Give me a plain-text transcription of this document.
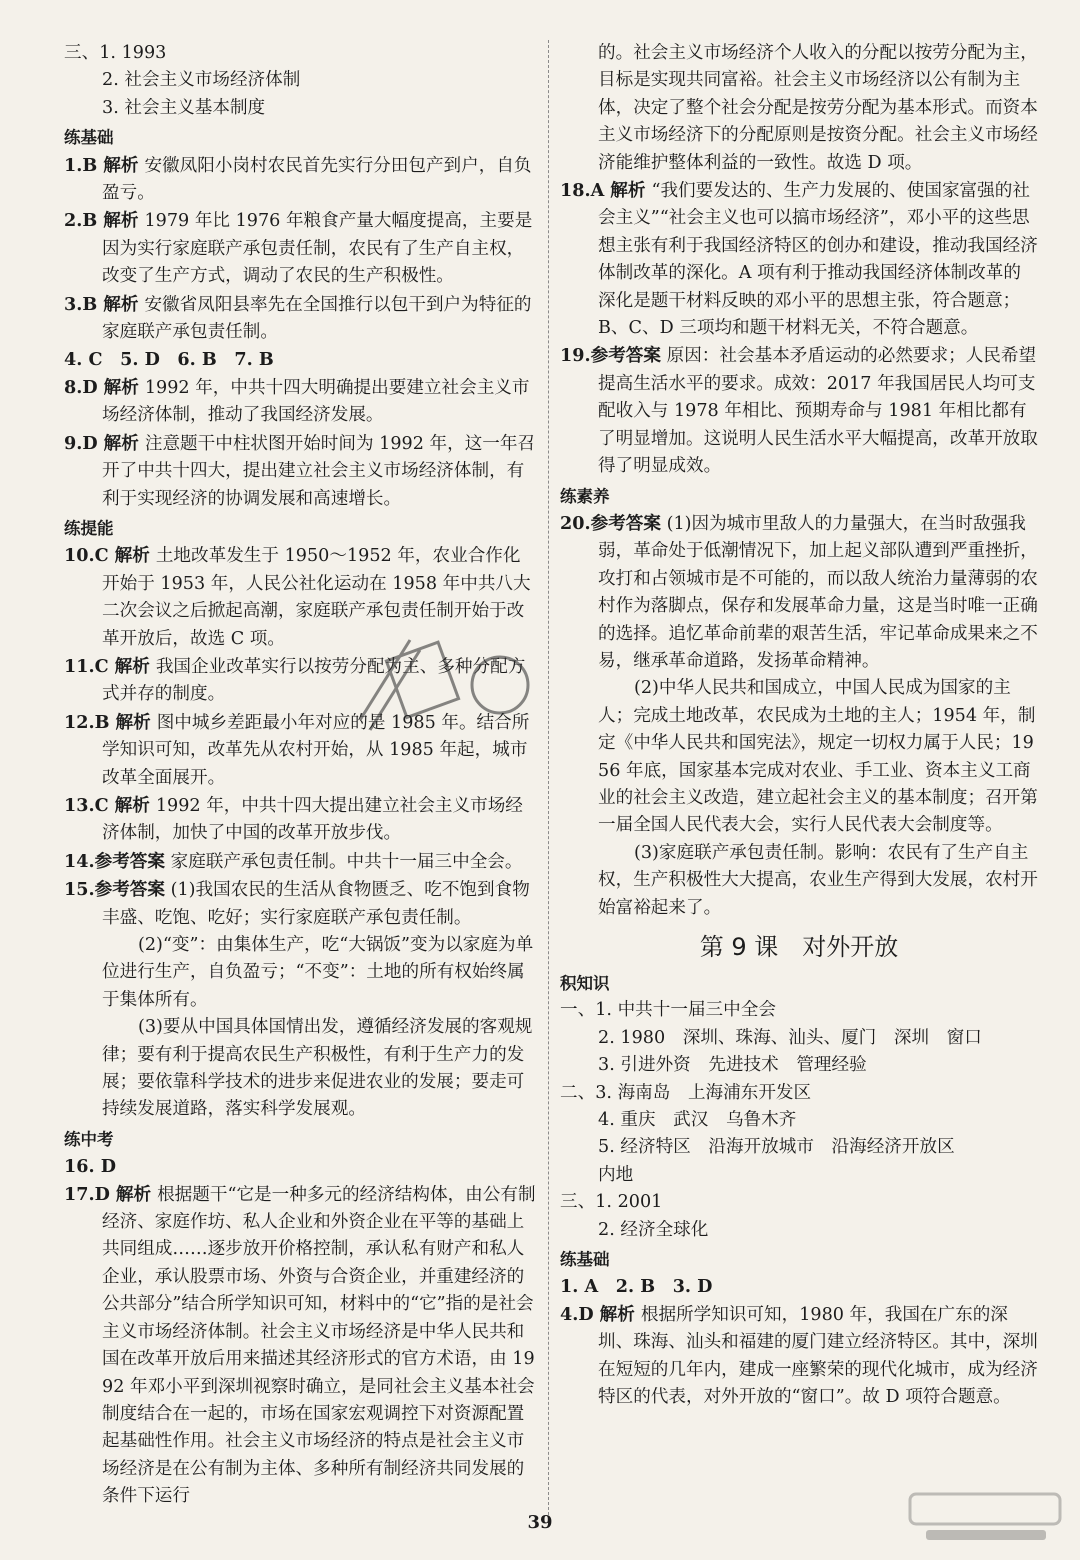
三、1. 1993

2. 社会主义市场经济体制

3. 社会主义基本制度

练基础

1.B 解析 安徽凤阳小岗村农民首先实行分田包产到户，自负盈亏。

2.B 解析 1979 年比 1976 年粮食产量大幅度提高，主要是因为实行家庭联产承包责任制，农民有了生产自主权，改变了生产方式，调动了农民的生产积极性。

3.B 解析 安徽省凤阳县率先在全国推行以包干到户为特征的家庭联产承包责任制。

4. C　5. D　6. B　7. B

8.D 解析 1992 年，中共十四大明确提出要建立社会主义市场经济体制，推动了我国经济发展。

9.D 解析 注意题干中柱状图开始时间为 1992 年，这一年召开了中共十四大，提出建立社会主义市场经济体制，有利于实现经济的协调发展和高速增长。

练提能

10.C 解析 土地改革发生于 1950～1952 年，农业合作化开始于 1953 年，人民公社化运动在 1958 年中共八大二次会议之后掀起高潮，家庭联产承包责任制开始于改革开放后，故选 C 项。

11.C 解析 我国企业改革实行以按劳分配为主、多种分配方式并存的制度。

12.B 解析 图中城乡差距最小年对应的是 1985 年。结合所学知识可知，改革先从农村开始，从 1985 年起，城市改革全面展开。

13.C 解析 1992 年，中共十四大提出建立社会主义市场经济体制，加快了中国的改革开放步伐。

14.参考答案 家庭联产承包责任制。中共十一届三中全会。

15.参考答案 (1)我国农民的生活从食物匮乏、吃不饱到食物丰盛、吃饱、吃好；实行家庭联产承包责任制。

(2)“变”：由集体生产，吃“大锅饭”变为以家庭为单位进行生产，自负盈亏；“不变”：土地的所有权始终属于集体所有。

(3)要从中国具体国情出发，遵循经济发展的客观规律；要有利于提高农民生产积极性，有利于生产力的发展；要依靠科学技术的进步来促进农业的发展；要走可持续发展道路，落实科学发展观。

练中考

16. D

17.D 解析 根据题干“它是一种多元的经济结构体，由公有制经济、家庭作坊、私人企业和外资企业在平等的基础上共同组成……逐步放开价格控制，承认私有财产和私人企业，承认股票市场、外资与合资企业，并重建经济的公共部分”结合所学知识可知，材料中的“它”指的是社会主义市场经济体制。社会主义市场经济是中华人民共和国在改革开放后用来描述其经济形式的官方术语，由 1992 年邓小平到深圳视察时确立，是同社会主义基本社会制度结合在一起的，市场在国家宏观调控下对资源配置起基础性作用。社会主义市场经济的特点是社会主义市场经济是在公有制为主体、多种所有制经济共同发展的条件下运行

的。社会主义市场经济个人收入的分配以按劳分配为主，目标是实现共同富裕。社会主义市场经济以公有制为主体，决定了整个社会分配是按劳分配为基本形式。而资本主义市场经济下的分配原则是按资分配。社会主义市场经济能维护整体利益的一致性。故选 D 项。

18.A 解析 “我们要发达的、生产力发展的、使国家富强的社会主义”“社会主义也可以搞市场经济”，邓小平的这些思想主张有利于我国经济特区的创办和建设，推动我国经济体制改革的深化。A 项有利于推动我国经济体制改革的深化是题干材料反映的邓小平的思想主张，符合题意；B、C、D 三项均和题干材料无关，不符合题意。

19.参考答案 原因：社会基本矛盾运动的必然要求；人民希望提高生活水平的要求。成效：2017 年我国居民人均可支配收入与 1978 年相比、预期寿命与 1981 年相比都有了明显增加。这说明人民生活水平大幅提高，改革开放取得了明显成效。

练素养

20.参考答案 (1)因为城市里敌人的力量强大，在当时敌强我弱，革命处于低潮情况下，加上起义部队遭到严重挫折，攻打和占领城市是不可能的，而以敌人统治力量薄弱的农村作为落脚点，保存和发展革命力量，这是当时唯一正确的选择。追忆革命前辈的艰苦生活，牢记革命成果来之不易，继承革命道路，发扬革命精神。

(2)中华人民共和国成立，中国人民成为国家的主人；完成土地改革，农民成为土地的主人；1954 年，制定《中华人民共和国宪法》，规定一切权力属于人民；1956 年底，国家基本完成对农业、手工业、资本主义工商业的社会主义改造，建立起社会主义的基本制度；召开第一届全国人民代表大会，实行人民代表大会制度等。

(3)家庭联产承包责任制。影响：农民有了生产自主权，生产积极性大大提高，农业生产得到大发展，农村开始富裕起来了。

第 9 课　对外开放

积知识

一、1. 中共十一届三中全会

2. 1980　深圳、珠海、汕头、厦门　深圳　窗口

3. 引进外资　先进技术　管理经验

二、3. 海南岛　上海浦东开发区

4. 重庆　武汉　乌鲁木齐

5. 经济特区　沿海开放城市　沿海经济开放区

内地

三、1. 2001

2. 经济全球化

练基础

1. A　2. B　3. D

4.D 解析 根据所学知识可知，1980 年，我国在广东的深圳、珠海、汕头和福建的厦门建立经济特区。其中，深圳在短短的几年内，建成一座繁荣的现代化城市，成为经济特区的代表，对外开放的“窗口”。故 D 项符合题意。

39
